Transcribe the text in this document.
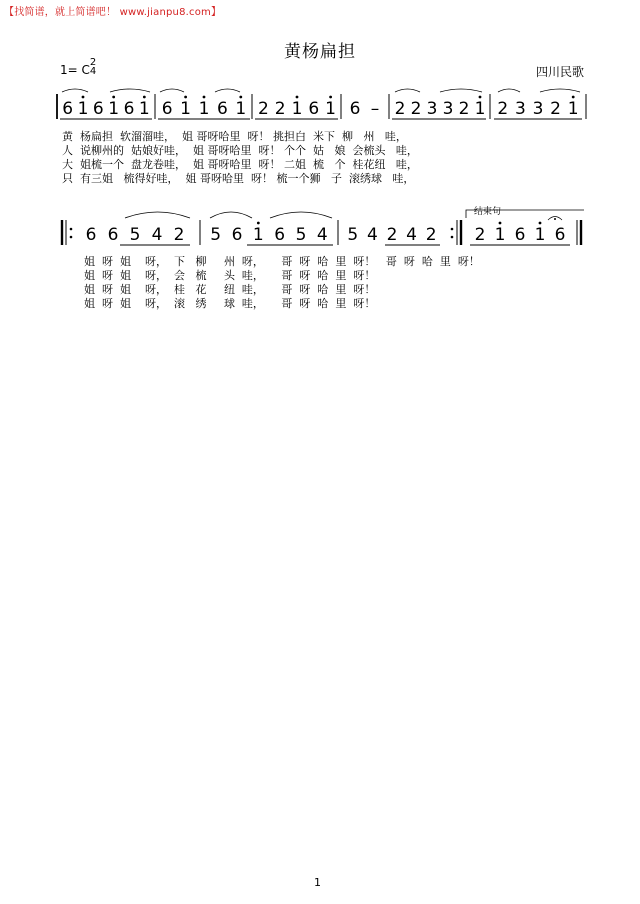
【找简谱，就上简谱吧！ www.jianpu8.com】
黄杨扁担
1= C
2
4	四川民歌
6 1 6 1 6 1 6 1 1 6 1 2 2 1 6 1 6 – 2 2 3 3 2 1 2 3 3 2 1
6 6 5 4 2 5 6 1 6 5 4 5 4 2 4 2 2 1 6 1 6
结束句
黄  杨扁担  软溜溜哇，  姐 哥呀哈里  呀！ 挑担白  米下  柳   州   哇，
人  说柳州的  姑娘好哇，  姐 哥呀哈里  呀！ 个个  姑   娘  会梳头   哇，
大  姐梳一个  盘龙卷哇，  姐 哥呀哈里  呀！ 二姐  梳   个  桂花纽   哇，
只  有三姐   梳得好哇，  姐 哥呀哈里  呀！ 梳一个狮   子  滚绣球   哇，
姐  呀  姐    呀，  下   柳     州  呀，     哥  呀  哈  里  呀！   哥  呀  哈  里  呀！
姐  呀  姐    呀，  会   梳     头  哇，     哥  呀  哈  里  呀！
姐  呀  姐    呀，  桂   花     纽  哇，     哥  呀  哈  里  呀！
姐  呀  姐    呀，  滚   绣     球  哇，     哥  呀  哈  里  呀！
1
